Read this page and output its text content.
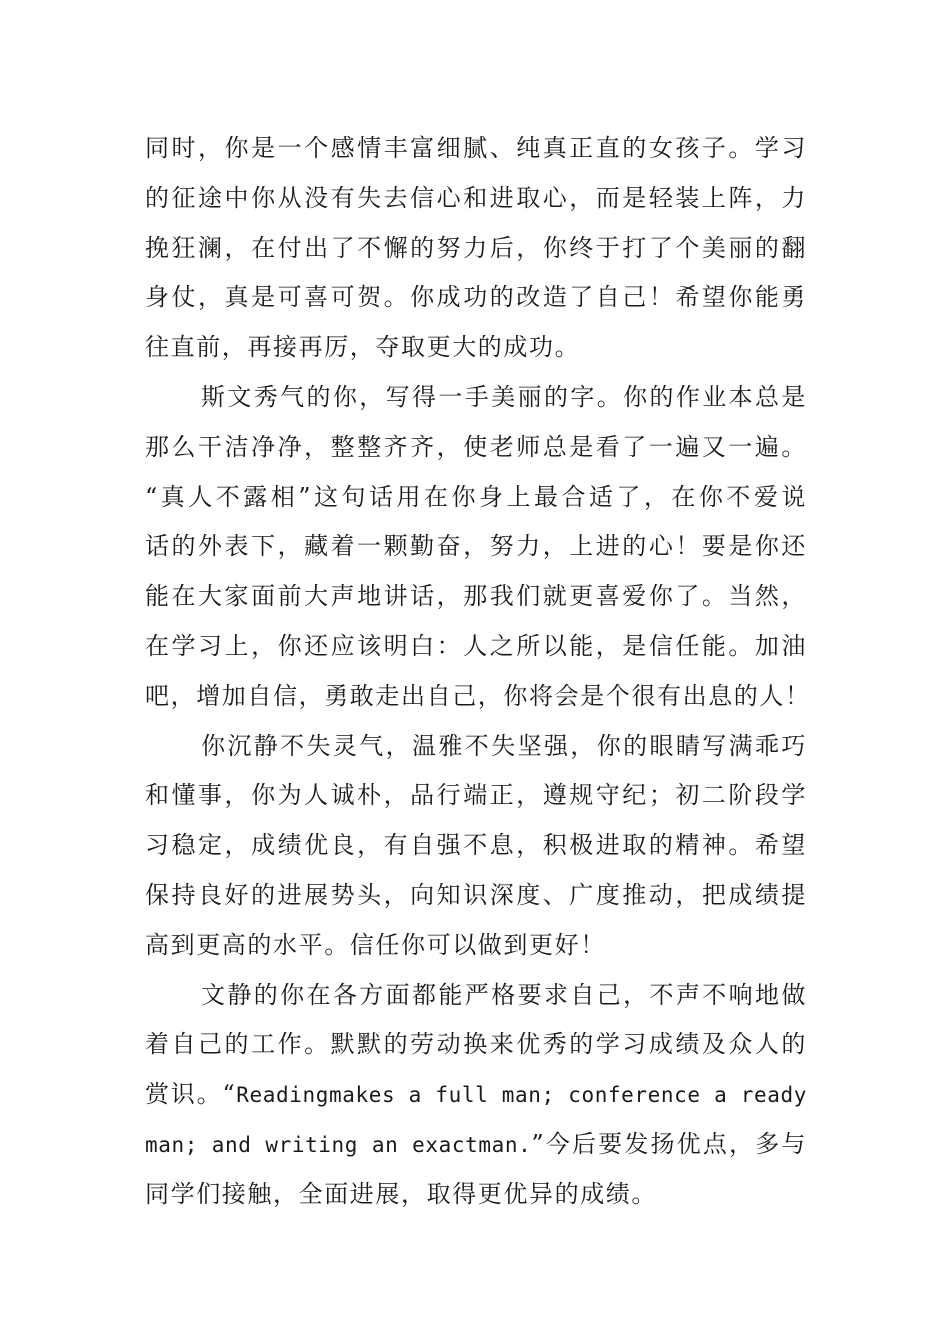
同时，你是一个感情丰富细腻、纯真正直的女孩子。学习
的征途中你从没有失去信心和进取心，而是轻装上阵，力
挽狂澜，在付出了不懈的努力后，你终于打了个美丽的翻
身仗，真是可喜可贺。你成功的改造了自己！希望你能勇
往直前，再接再厉，夺取更大的成功。
斯文秀气的你，写得一手美丽的字。你的作业本总是
那么干洁净净，整整齐齐，使老师总是看了一遍又一遍。
“真人不露相”这句话用在你身上最合适了，在你不爱说
话的外表下，藏着一颗勤奋，努力，上进的心！要是你还
能在大家面前大声地讲话，那我们就更喜爱你了。当然，
在学习上，你还应该明白：人之所以能，是信任能。加油
吧，增加自信，勇敢走出自己，你将会是个很有出息的人！
你沉静不失灵气，温雅不失坚强，你的眼睛写满乖巧
和懂事，你为人诚朴，品行端正，遵规守纪；初二阶段学
习稳定，成绩优良，有自强不息，积极进取的精神。希望
保持良好的进展势头，向知识深度、广度推动，把成绩提
高到更高的水平。信任你可以做到更好！
文静的你在各方面都能严格要求自己，不声不响地做
着自己的工作。默默的劳动换来优秀的学习成绩及众人的
赏识。“Readingmakes a full man; conference a ready
man; and writing an exactman.”今后要发扬优点，多与
同学们接触，全面进展，取得更优异的成绩。
